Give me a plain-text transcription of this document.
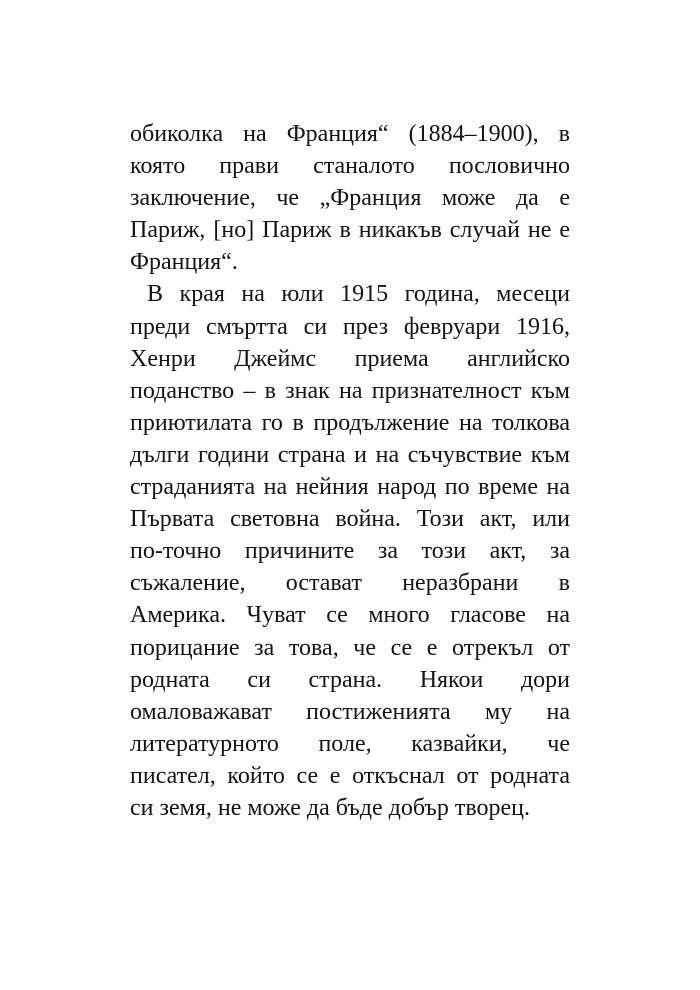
обиколка на Франция“ (1884–1900), в
която прави станалото пословично
заключение, че „Франция може да е
Париж, [но] Париж в никакъв случай не е
Франция“.
В края на юли 1915 година, месеци
преди смъртта си през февруари 1916,
Хенри Джеймс приема английско
поданство – в знак на признателност към
приютилата го в продължение на толкова
дълги години страна и на съчувствие към
страданията на нейния народ по време на
Първата световна война. Този акт, или
по-точно причините за този акт, за
съжаление, остават неразбрани в
Америка. Чуват се много гласове на
порицание за това, че се е отрекъл от
родната си страна. Някои дори
омаловажават постиженията му на
литературното поле, казвайки, че
писател, който се е откъснал от родната
си земя, не може да бъде добър творец.
